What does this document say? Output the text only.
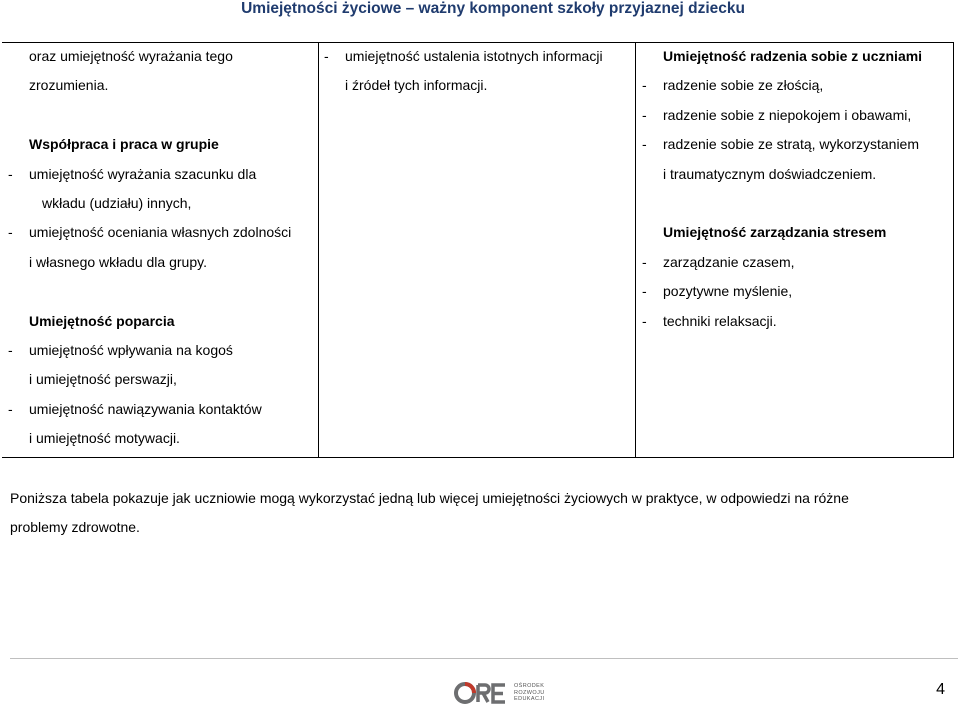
Umiejętności życiowe – ważny komponent szkoły przyjaznej dziecku
oraz umiejętność wyrażania tego
zrozumienia.
Współpraca i praca w grupie
- umiejętność wyrażania szacunku dla
wkładu (udziału) innych,
- umiejętność oceniania własnych zdolności
i własnego wkładu dla grupy.
Umiejętność poparcia
- umiejętność wpływania na kogoś
i umiejętność perswazji,
- umiejętność nawiązywania kontaktów
i umiejętność motywacji.
- umiejętność ustalenia istotnych informacji
i źródeł tych informacji.
Umiejętność radzenia sobie z uczniami
- radzenie sobie ze złością,
- radzenie sobie z niepokojem i obawami,
- radzenie sobie ze stratą, wykorzystaniem
i traumatycznym doświadczeniem.
Umiejętność zarządzania stresem
- zarządzanie czasem,
- pozytywne myślenie,
- techniki relaksacji.
Poniższa tabela pokazuje jak uczniowie mogą wykorzystać jedną lub więcej umiejętności życiowych w praktyce, w odpowiedzi na różne
problemy zdrowotne.
OŚRODEK
ROZWOJU
EDUKACJI
4
